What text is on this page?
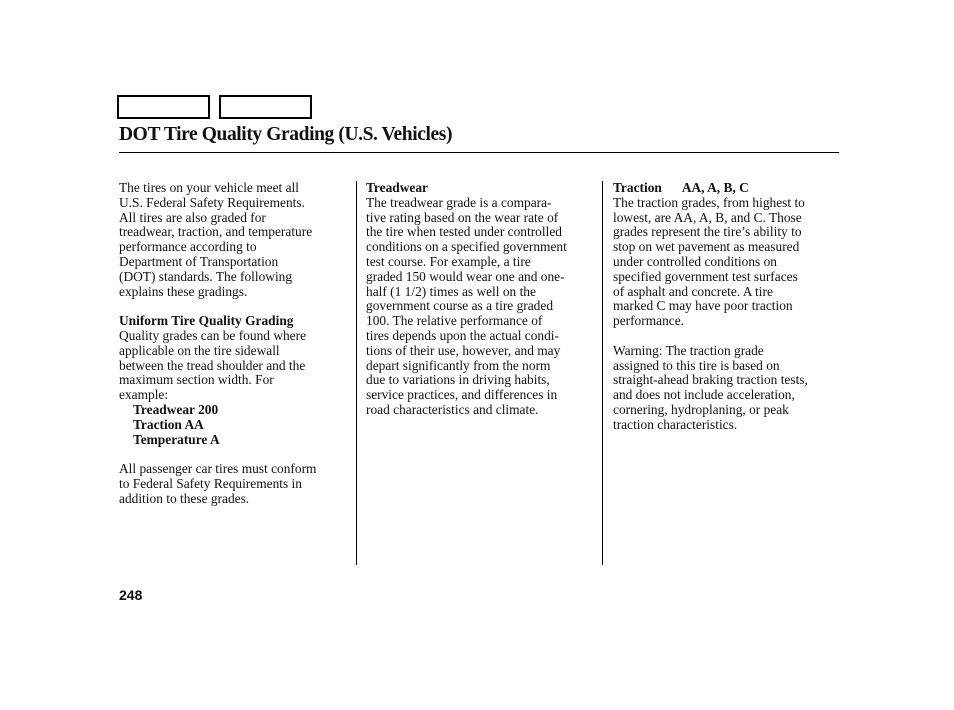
DOT Tire Quality Grading (U.S. Vehicles)
The tires on your vehicle meet all
U.S. Federal Safety Requirements.
All tires are also graded for
treadwear, traction, and temperature
performance according to
Department of Transportation
(DOT) standards. The following
explains these gradings.
Uniform Tire Quality Grading
Quality grades can be found where
applicable on the tire sidewall
between the tread shoulder and the
maximum section width. For
example:
Treadwear 200
Traction AA
Temperature A
All passenger car tires must conform
to Federal Safety Requirements in
addition to these grades.
Treadwear
The treadwear grade is a compara-
tive rating based on the wear rate of
the tire when tested under controlled
conditions on a specified government
test course. For example, a tire
graded 150 would wear one and one-
half (1 1/2) times as well on the
government course as a tire graded
100. The relative performance of
tires depends upon the actual condi-
tions of their use, however, and may
depart significantly from the norm
due to variations in driving habits,
service practices, and differences in
road characteristics and climate.
Traction AA, A, B, C
The traction grades, from highest to
lowest, are AA, A, B, and C. Those
grades represent the tire’s ability to
stop on wet pavement as measured
under controlled conditions on
specified government test surfaces
of asphalt and concrete. A tire
marked C may have poor traction
performance.
Warning: The traction grade
assigned to this tire is based on
straight-ahead braking traction tests,
and does not include acceleration,
cornering, hydroplaning, or peak
traction characteristics.
248
